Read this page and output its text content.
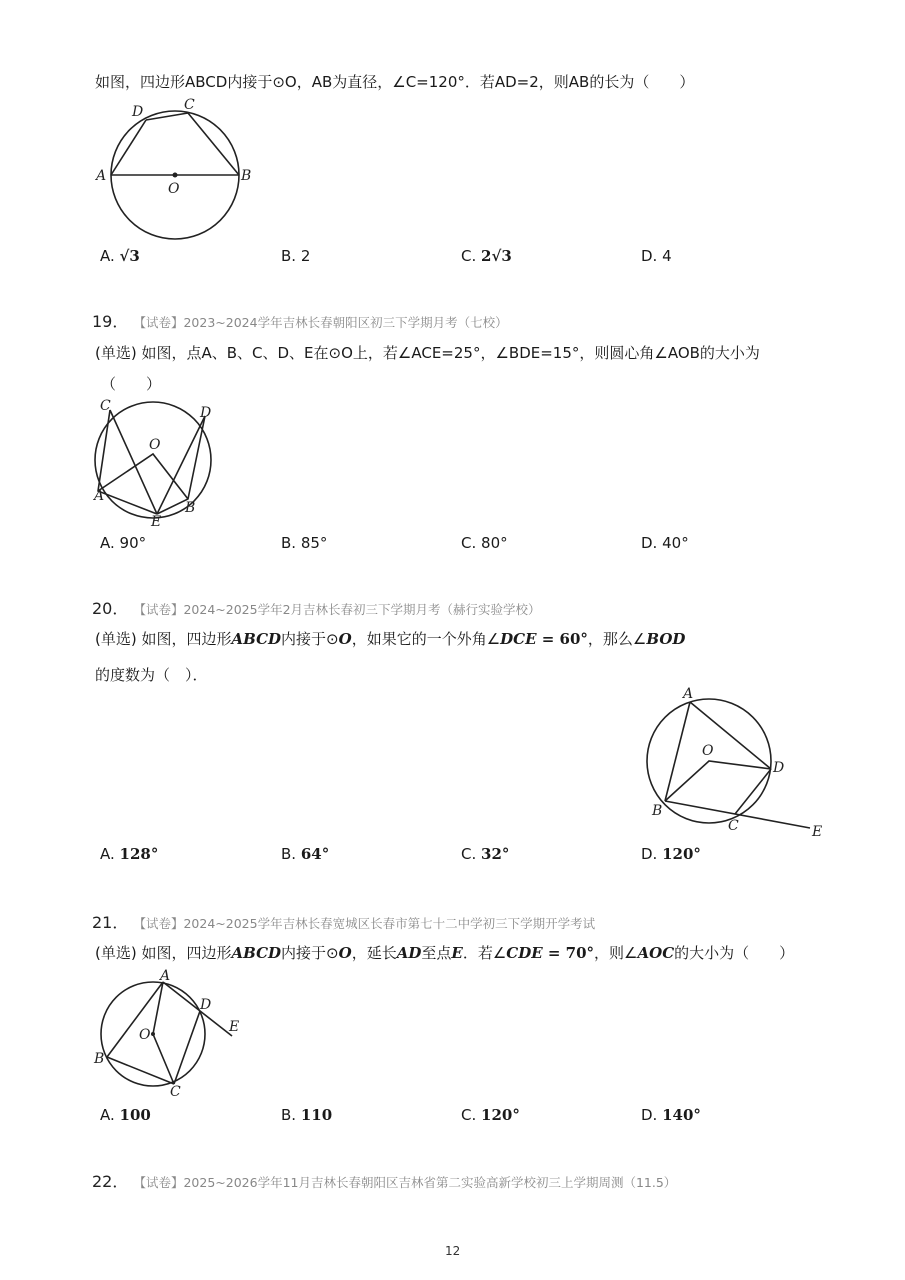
如图，四边形ABCD内接于⊙O，AB为直径，∠C=120°．若AD=2，则AB的长为（　　）
A	B
C
D
O
A. √3	B. 2	C. 2√3	D. 4
19． 【试卷】2023~2024学年吉林长春朝阳区初三下学期月考（七校）
(单选) 如图，点A、B、C、D、E在⊙O上，若∠ACE=25°，∠BDE=15°，则圆心角∠AOB的大小为
（　　）
C	D
O
A
B
E
A. 90°	B. 85°	C. 80°	D. 40°
20． 【试卷】2024~2025学年2月吉林长春初三下学期月考（赫行实验学校）
(单选) 如图，四边形ABCD内接于⊙O，如果它的一个外角∠DCE = 60°，那么∠BOD
的度数为（　）．
A
O
D
B
C	E
A. 128°	B. 64°	C. 32°	D. 120°
21． 【试卷】2024~2025学年吉林长春宽城区长春市第七十二中学初三下学期开学考试
(单选) 如图，四边形ABCD内接于⊙O，延长AD至点E．若∠CDE = 70°，则∠AOC的大小为（　　）
A
D
E
O
B
C
A. 100	B. 110	C. 120°	D. 140°
22． 【试卷】2025~2026学年11月吉林长春朝阳区吉林省第二实验高新学校初三上学期周测（11.5）
12
